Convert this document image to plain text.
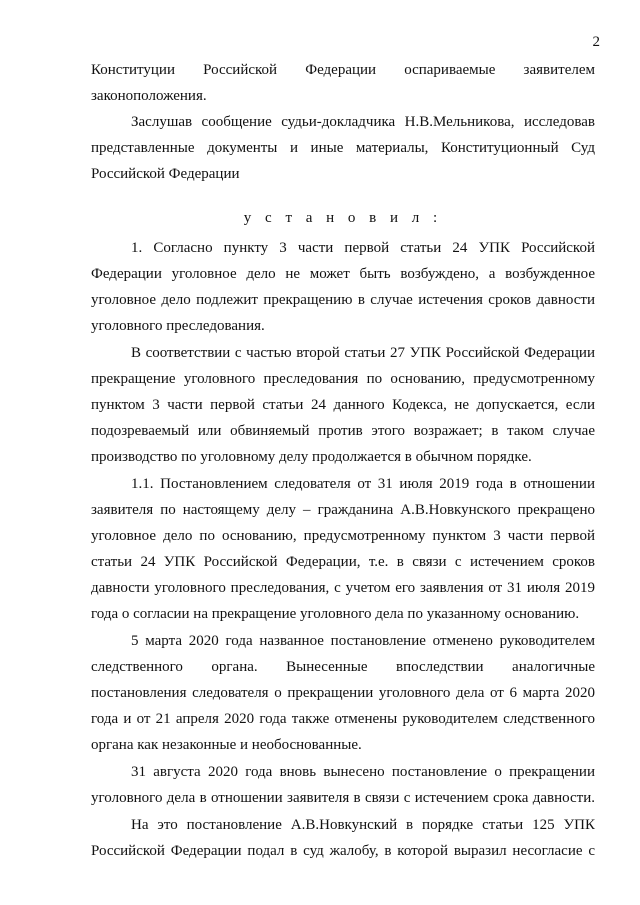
2
Конституции Российской Федерации оспариваемые заявителем
законоположения.
Заслушав сообщение судьи-докладчика Н.В.Мельникова, исследовав
представленные документы и иные материалы, Конституционный Суд
Российской Федерации
у с т а н о в и л :
1. Согласно пункту 3 части первой статьи 24 УПК Российской
Федерации уголовное дело не может быть возбуждено, а возбужденное
уголовное дело подлежит прекращению в случае истечения сроков давности
уголовного преследования.
В соответствии с частью второй статьи 27 УПК Российской Федерации
прекращение уголовного преследования по основанию, предусмотренному
пунктом 3 части первой статьи 24 данного Кодекса, не допускается, если
подозреваемый или обвиняемый против этого возражает; в таком случае
производство по уголовному делу продолжается в обычном порядке.
1.1. Постановлением следователя от 31 июля 2019 года в отношении
заявителя по настоящему делу – гражданина А.В.Новкунского прекращено
уголовное дело по основанию, предусмотренному пунктом 3 части первой
статьи 24 УПК Российской Федерации, т.е. в связи с истечением сроков
давности уголовного преследования, с учетом его заявления от 31 июля 2019
года о согласии на прекращение уголовного дела по указанному основанию.
5 марта 2020 года названное постановление отменено руководителем
следственного органа. Вынесенные впоследствии аналогичные
постановления следователя о прекращении уголовного дела от 6 марта 2020
года и от 21 апреля 2020 года также отменены руководителем следственного
органа как незаконные и необоснованные.
31 августа 2020 года вновь вынесено постановление о прекращении
уголовного дела в отношении заявителя в связи с истечением срока давности.
На это постановление А.В.Новкунский в порядке статьи 125 УПК
Российской Федерации подал в суд жалобу, в которой выразил несогласие с
